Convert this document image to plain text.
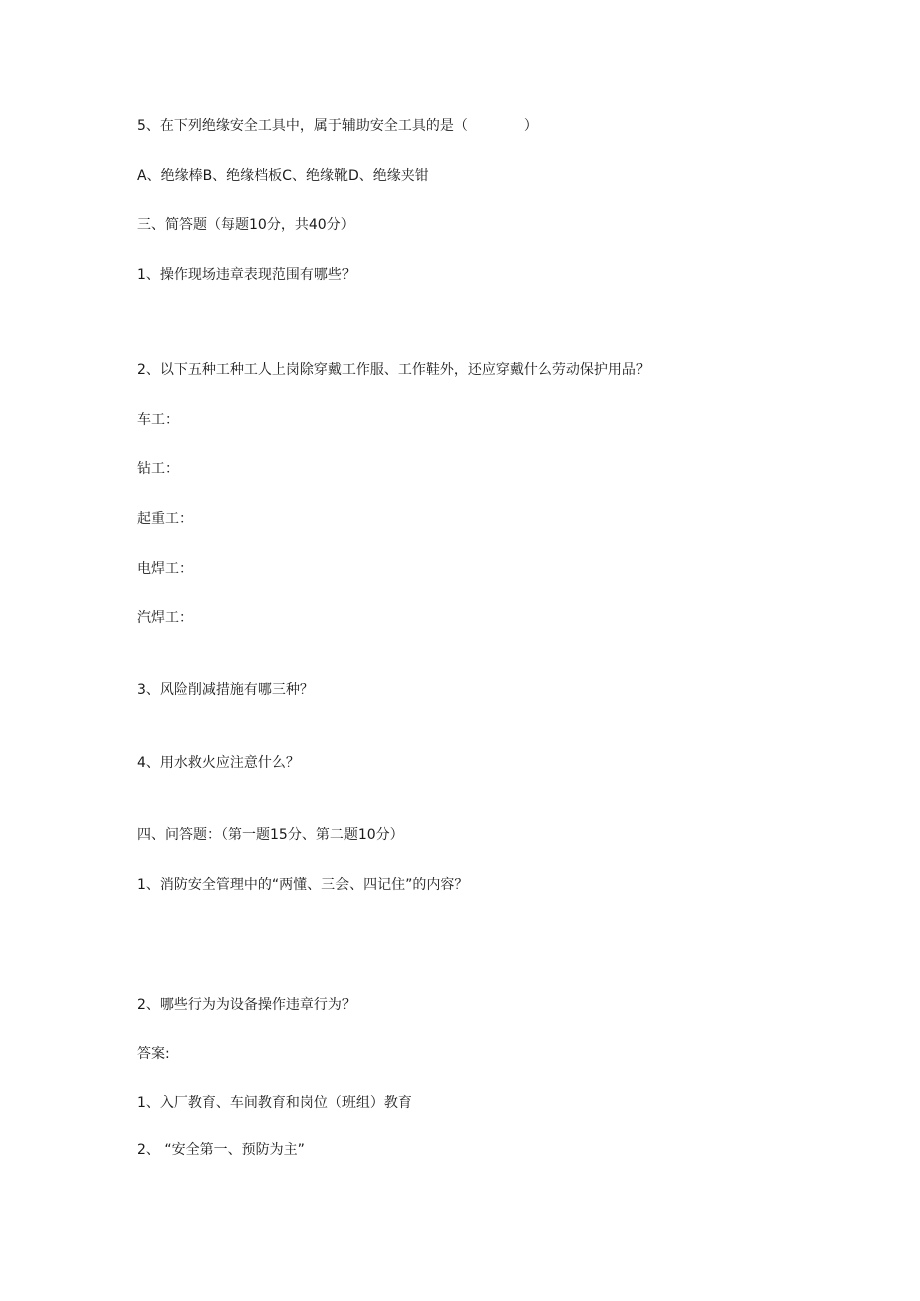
5、在下列绝缘安全工具中，属于辅助安全工具的是（　　　　）

A、绝缘棒B、绝缘档板C、绝缘靴D、绝缘夹钳

三、简答题（每题10分，共40分）

1、操作现场违章表现范围有哪些？

2、以下五种工种工人上岗除穿戴工作服、工作鞋外，还应穿戴什么劳动保护用品？

车工：

钻工：

起重工：

电焊工：

汽焊工：

3、风险削减措施有哪三种？

4、用水救火应注意什么？

四、问答题：（第一题15分、第二题10分）

1、消防安全管理中的“两懂、三会、四记住”的内容？

2、哪些行为为设备操作违章行为？

答案:

1、入厂教育、车间教育和岗位（班组）教育

2、 “安全第一、预防为主”
